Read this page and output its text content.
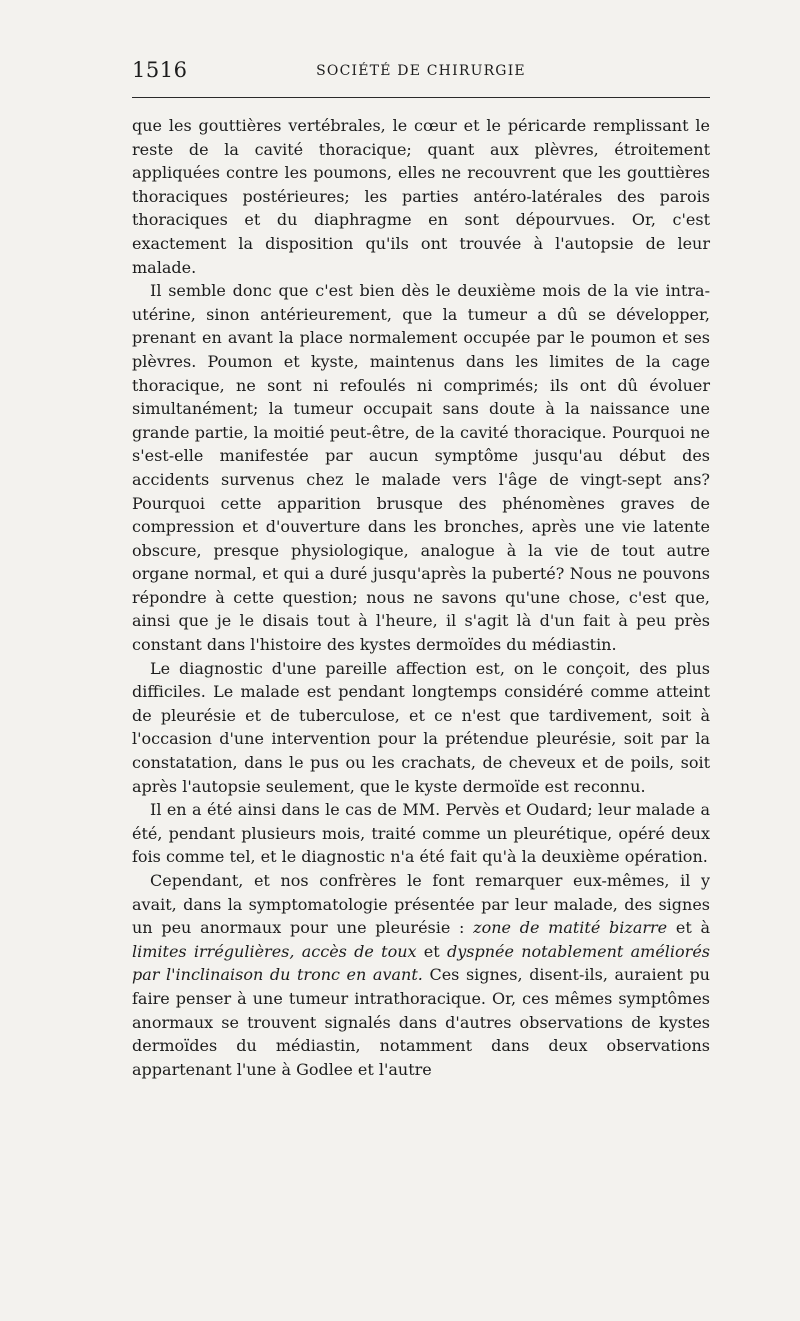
1516	SOCIÉTÉ DE CHIRURGIE

que les gouttières vertébrales, le cœur et le péricarde remplissant le reste de la cavité thoracique; quant aux plèvres, étroitement appliquées contre les poumons, elles ne recouvrent que les gouttières thoraciques postérieures; les parties antéro-latérales des parois thoraciques et du diaphragme en sont dépourvues. Or, c'est exactement la disposition qu'ils ont trouvée à l'autopsie de leur malade.

Il semble donc que c'est bien dès le deuxième mois de la vie intra-utérine, sinon antérieurement, que la tumeur a dû se développer, prenant en avant la place normalement occupée par le poumon et ses plèvres. Poumon et kyste, maintenus dans les limites de la cage thoracique, ne sont ni refoulés ni comprimés; ils ont dû évoluer simultanément; la tumeur occupait sans doute à la naissance une grande partie, la moitié peut-être, de la cavité thoracique. Pourquoi ne s'est-elle manifestée par aucun symptôme jusqu'au début des accidents survenus chez le malade vers l'âge de vingt-sept ans? Pourquoi cette apparition brusque des phénomènes graves de compression et d'ouverture dans les bronches, après une vie latente obscure, presque physiologique, analogue à la vie de tout autre organe normal, et qui a duré jusqu'après la puberté? Nous ne pouvons répondre à cette question; nous ne savons qu'une chose, c'est que, ainsi que je le disais tout à l'heure, il s'agit là d'un fait à peu près constant dans l'histoire des kystes dermoïdes du médiastin.

Le diagnostic d'une pareille affection est, on le conçoit, des plus difficiles. Le malade est pendant longtemps considéré comme atteint de pleurésie et de tuberculose, et ce n'est que tardivement, soit à l'occasion d'une intervention pour la prétendue pleurésie, soit par la constatation, dans le pus ou les crachats, de cheveux et de poils, soit après l'autopsie seulement, que le kyste dermoïde est reconnu.

Il en a été ainsi dans le cas de MM. Pervès et Oudard; leur malade a été, pendant plusieurs mois, traité comme un pleurétique, opéré deux fois comme tel, et le diagnostic n'a été fait qu'à la deuxième opération.

Cependant, et nos confrères le font remarquer eux-mêmes, il y avait, dans la symptomatologie présentée par leur malade, des signes un peu anormaux pour une pleurésie : zone de matité bizarre et à limites irrégulières, accès de toux et dyspnée notablement améliorés par l'inclinaison du tronc en avant. Ces signes, disent-ils, auraient pu faire penser à une tumeur intrathoracique. Or, ces mêmes symptômes anormaux se trouvent signalés dans d'autres observations de kystes dermoïdes du médiastin, notamment dans deux observations appartenant l'une à Godlee et l'autre
